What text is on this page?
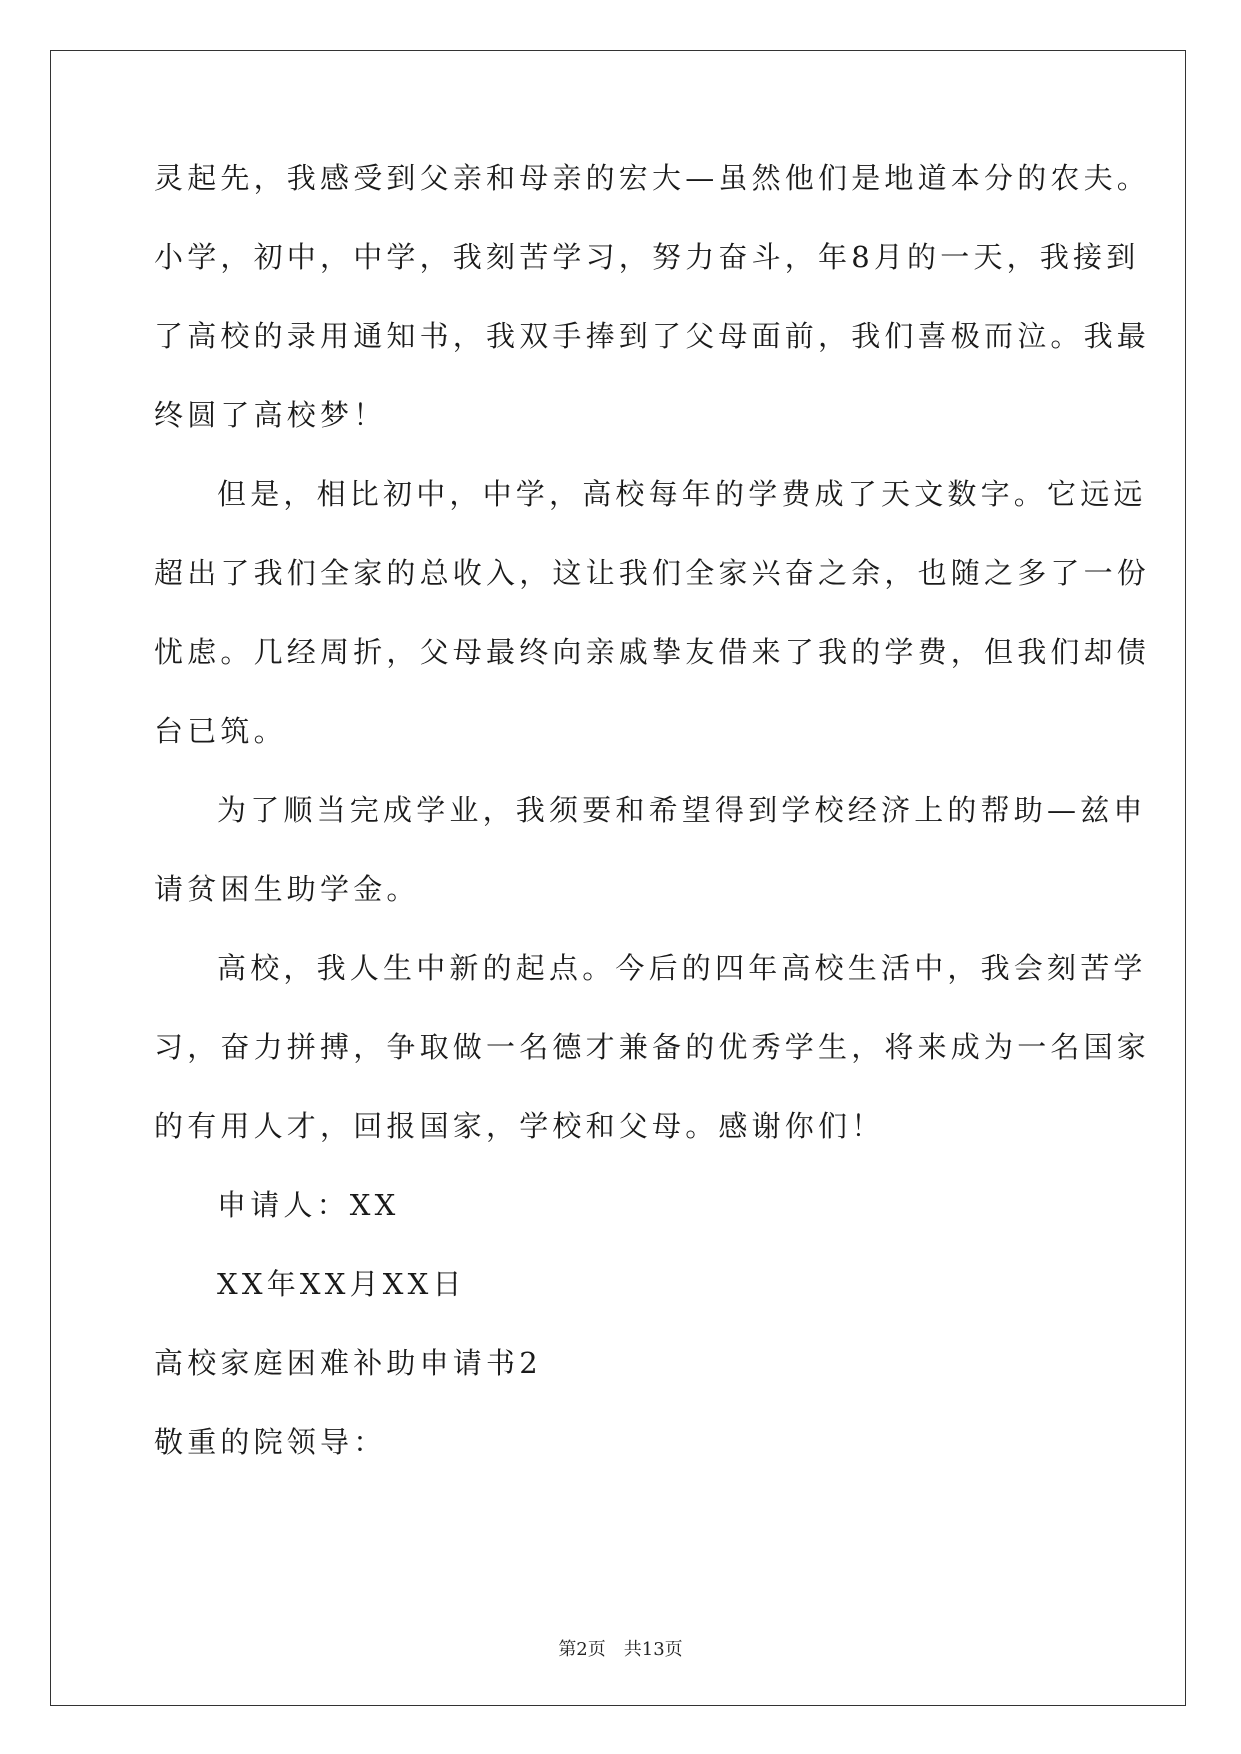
灵起先，我感受到父亲和母亲的宏大—虽然他们是地道本分的农夫。
小学，初中，中学，我刻苦学习，努力奋斗，年8月的一天，我接到
了高校的录用通知书，我双手捧到了父母面前，我们喜极而泣。我最
终圆了高校梦！
但是，相比初中，中学，高校每年的学费成了天文数字。它远远
超出了我们全家的总收入，这让我们全家兴奋之余，也随之多了一份
忧虑。几经周折，父母最终向亲戚挚友借来了我的学费，但我们却债
台已筑。
为了顺当完成学业，我须要和希望得到学校经济上的帮助—兹申
请贫困生助学金。
高校，我人生中新的起点。今后的四年高校生活中，我会刻苦学
习，奋力拼搏，争取做一名德才兼备的优秀学生，将来成为一名国家
的有用人才，回报国家，学校和父母。感谢你们！
申请人：XX
XX年XX月XX日
高校家庭困难补助申请书2
敬重的院领导：
第2页 共13页
